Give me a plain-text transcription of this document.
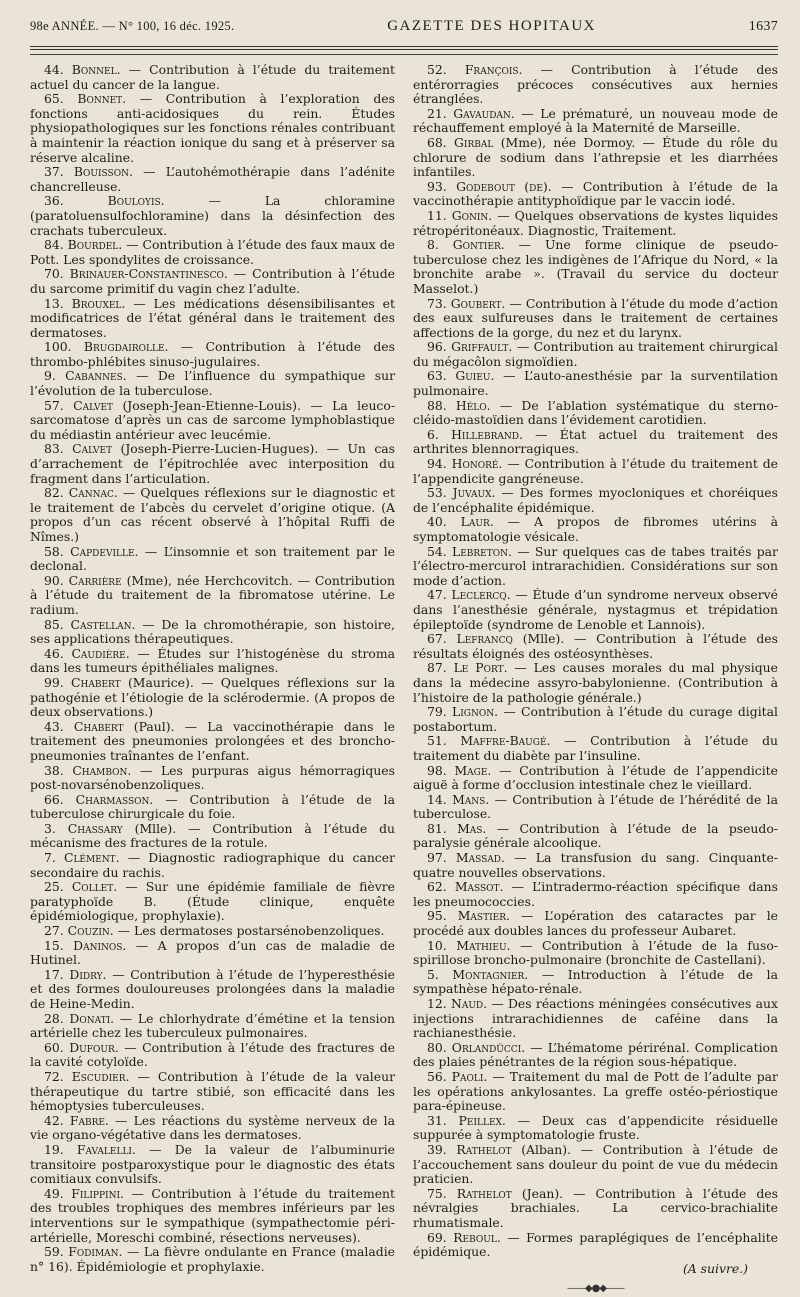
98e ANNÉE. — N° 100, 16 déc. 1925.	GAZETTE DES HOPITAUX	1637

44. Bonnel. — Contribution à l’étude du traitement actuel du cancer de la langue.

65. Bonnet. — Contribution à l’exploration des fonctions anti-acidosiques du rein. Études physiopathologiques sur les fonctions rénales contribuant à maintenir la réaction ionique du sang et à préserver sa réserve alcaline.

37. Bouisson. — L’autohémothérapie dans l’adénite chancrelleuse.

36. Bouloyis. — La chloramine (paratoluensulfochloramine) dans la désinfection des crachats tuberculeux.

84. Bourdel. — Contribution à l’étude des faux maux de Pott. Les spondylites de croissance.

70. Brinauer-Constantinesco. — Contribution à l’étude du sarcome primitif du vagin chez l’adulte.

13. Brouxel. — Les médications désensibilisantes et modificatrices de l’état général dans le traitement des dermatoses.

100. Brugdairolle. — Contribution à l’étude des thrombo-phlébites sinuso-jugulaires.

9. Cabannes. — De l’influence du sympathique sur l’évolution de la tuberculose.

57. Calvet (Joseph-Jean-Etienne-Louis). — La leuco-sarcomatose d’après un cas de sarcome lymphoblastique du médiastin antérieur avec leucémie.

83. Calvet (Joseph-Pierre-Lucien-Hugues). — Un cas d’arrachement de l’épitrochlée avec interposition du fragment dans l’articulation.

82. Cannac. — Quelques réflexions sur le diagnostic et le traitement de l’abcès du cervelet d’origine otique. (A propos d’un cas récent observé à l’hôpital Ruffi de Nîmes.)

58. Capdeville. — L’insomnie et son traitement par le declonal.

90. Carrière (Mme), née Herchcovitch. — Contribution à l’étude du traitement de la fibromatose utérine. Le radium.

85. Castellan. — De la chromothérapie, son histoire, ses applications thérapeutiques.

46. Caudière. — Études sur l’histogénèse du stroma dans les tumeurs épithéliales malignes.

99. Chabert (Maurice). — Quelques réflexions sur la pathogénie et l’étiologie de la sclérodermie. (A propos de deux observations.)

43. Chabert (Paul). — La vaccinothérapie dans le traitement des pneumonies prolongées et des broncho-pneumonies traînantes de l’enfant.

38. Chambon. — Les purpuras aigus hémorragiques post-novarsénobenzoliques.

66. Charmasson. — Contribution à l’étude de la tuberculose chirurgicale du foie.

3. Chassary (Mlle). — Contribution à l’étude du mécanisme des fractures de la rotule.

7. Clément. — Diagnostic radiographique du cancer secondaire du rachis.

25. Collet. — Sur une épidémie familiale de fièvre paratyphoïde B. (Étude clinique, enquête épidémiologique, prophylaxie).

27. Couzin. — Les dermatoses postarsénobenzoliques.

15. Daninos. — A propos d’un cas de maladie de Hutinel.

17. Didry. — Contribution à l’étude de l’hyperesthésie et des formes douloureuses prolongées dans la maladie de Heine-Medin.

28. Donati. — Le chlorhydrate d’émétine et la tension artérielle chez les tuberculeux pulmonaires.

60. Dufour. — Contribution à l’étude des fractures de la cavité cotyloïde.

72. Escudier. — Contribution à l’étude de la valeur thérapeutique du tartre stibié, son efficacité dans les hémoptysies tuberculeuses.

42. Fabre. — Les réactions du système nerveux de la vie organo-végétative dans les dermatoses.

19. Favalelli. — De la valeur de l’albuminurie transitoire postparoxystique pour le diagnostic des états comitiaux convulsifs.

49. Filippini. — Contribution à l’étude du traitement des troubles trophiques des membres inférieurs par les interventions sur le sympathique (sympathectomie péri-artérielle, Moreschi combiné, résections nerveuses).

59. Fodiman. — La fièvre ondulante en France (maladie n° 16). Épidémiologie et prophylaxie.

52. François. — Contribution à l’étude des entérorragies précoces consécutives aux hernies étranglées.

21. Gavaudan. — Le prématuré, un nouveau mode de réchauffement employé à la Maternité de Marseille.

68. Girbal (Mme), née Dormoy. — Étude du rôle du chlorure de sodium dans l’athrepsie et les diarrhées infantiles.

93. Godebout (de). — Contribution à l’étude de la vaccinothérapie antityphoïdique par le vaccin iodé.

11. Gonin. — Quelques observations de kystes liquides rétropéritonéaux. Diagnostic, Traitement.

8. Gontier. — Une forme clinique de pseudo-tuberculose chez les indigènes de l’Afrique du Nord, « la bronchite arabe ». (Travail du service du docteur Masselot.)

73. Goubert. — Contribution à l’étude du mode d’action des eaux sulfureuses dans le traitement de certaines affections de la gorge, du nez et du larynx.

96. Griffault. — Contribution au traitement chirurgical du mégacôlon sigmoïdien.

63. Guieu. — L’auto-anesthésie par la surventilation pulmonaire.

88. Hélo. — De l’ablation systématique du sterno-cléido-mastoïdien dans l’évidement carotidien.

6. Hillebrand. — État actuel du traitement des arthrites blennorragiques.

94. Honoré. — Contribution à l’étude du traitement de l’appendicite gangréneuse.

53. Juvaux. — Des formes myocloniques et choréiques de l’encéphalite épidémique.

40. Laur. — A propos de fibromes utérins à symptomatologie vésicale.

54. Lebreton. — Sur quelques cas de tabes traités par l’électro-mercurol intrarachidien. Considérations sur son mode d’action.

47. Leclercq. — Étude d’un syndrome nerveux observé dans l’anesthésie générale, nystagmus et trépidation épileptoïde (syndrome de Lenoble et Lannois).

67. Lefrancq (Mlle). — Contribution à l’étude des résultats éloignés des ostéosynthèses.

87. Le Port. — Les causes morales du mal physique dans la médecine assyro-babylonienne. (Contribution à l’histoire de la pathologie générale.)

79. Lignon. — Contribution à l’étude du curage digital postabortum.

51. Maffre-Baugé. — Contribution à l’étude du traitement du diabète par l’insuline.

98. Mage. — Contribution à l’étude de l’appendicite aiguë à forme d’occlusion intestinale chez le vieillard.

14. Mans. — Contribution à l’étude de l’hérédité de la tuberculose.

81. Mas. — Contribution à l’étude de la pseudo-paralysie générale alcoolique.

97. Massad. — La transfusion du sang. Cinquante-quatre nouvelles observations.

62. Massot. — L’intradermo-réaction spécifique dans les pneumococcies.

95. Mastier. — L’opération des cataractes par le procédé aux doubles lances du professeur Aubaret.

10. Mathieu. — Contribution à l’étude de la fuso-spirillose broncho-pulmonaire (bronchite de Castellani).

5. Montagnier. — Introduction à l’étude de la sympathèse hépato-rénale.

12. Naud. — Des réactions méningées consécutives aux injections intrarachidiennes de caféine dans la rachianesthésie.

80. Orlandücci. — L’hématome périrénal. Complication des plaies pénétrantes de la région sous-hépatique.

56. Paoli. — Traitement du mal de Pott de l’adulte par les opérations ankylosantes. La greffe ostéo-périostique para-épineuse.

31. Peillex. — Deux cas d’appendicite résiduelle suppurée à symptomatologie fruste.

39. Rathelot (Alban). — Contribution à l’étude de l’accouchement sans douleur du point de vue du médecin praticien.

75. Rathelot (Jean). — Contribution à l’étude des névralgies brachiales. La cervico-brachialite rhumatismale.

69. Reboul. — Formes paraplégiques de l’encéphalite épidémique.

(A suivre.)
——◆●◆——
